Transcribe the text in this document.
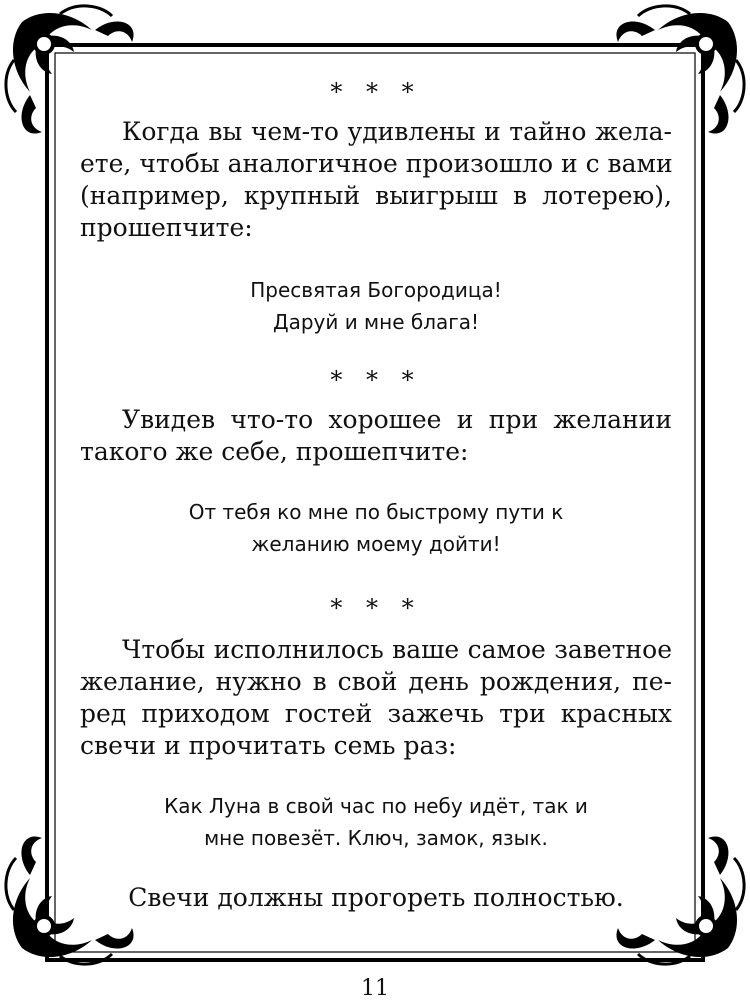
* * *
Когда вы чем-то удивлены и тайно жела-
ете, чтобы аналогичное произошло и с вами
(например, крупный выигрыш в лотерею),
прошепчите:
Пресвятая Богородица!
Даруй и мне блага!
* * *
Увидев что-то хорошее и при желании
такого же себе, прошепчите:
От тебя ко мне по быстрому пути к
желанию моему дойти!
* * *
Чтобы исполнилось ваше самое заветное
желание, нужно в свой день рождения, пе-
ред приходом гостей зажечь три красных
свечи и прочитать семь раз:
Как Луна в свой час по небу идёт, так и
мне повезёт. Ключ, замок, язык.
Свечи должны прогореть полностью.
11
